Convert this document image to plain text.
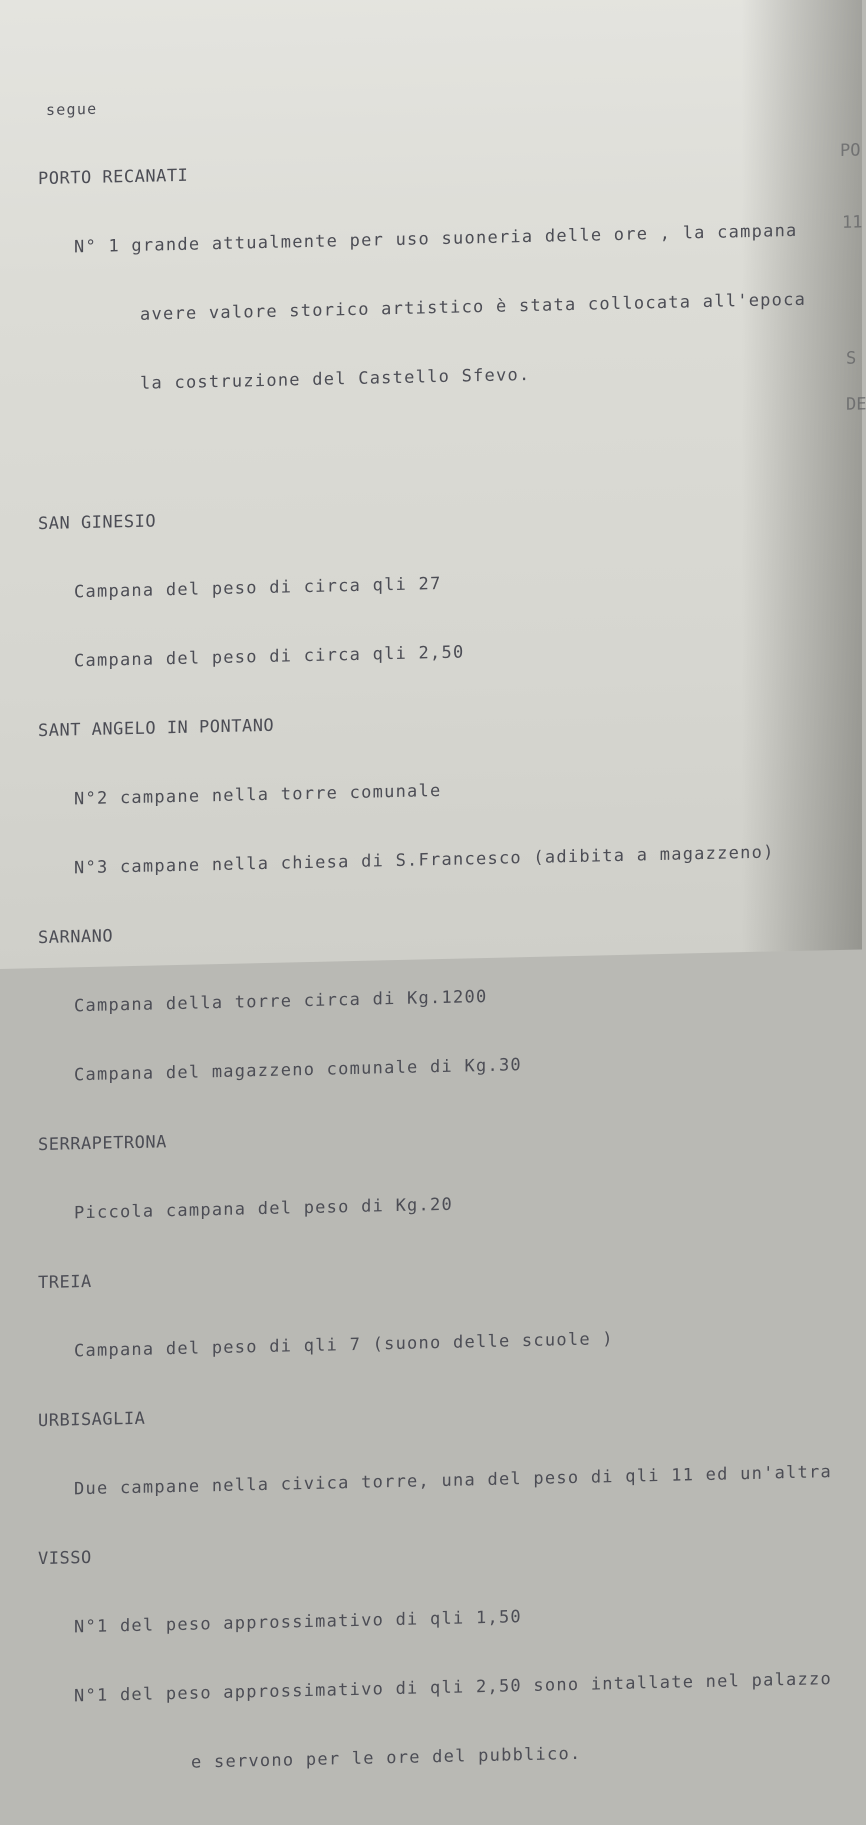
segue

PORTO RECANATI

N° 1 grande attualmente per uso suoneria delle ore , la campana

avere valore storico artistico è stata collocata all'epoca

la costruzione del Castello Sfevo.

SAN GINESIO

Campana del peso di circa qli 27

Campana del peso di circa qli 2,50

SANT ANGELO IN PONTANO

N°2 campane nella torre comunale

N°3 campane nella chiesa di S.Francesco (adibita a magazzeno)

SARNANO

Campana della torre circa di Kg.1200

Campana del magazzeno comunale di Kg.30

SERRAPETRONA

Piccola campana del peso di Kg.20

TREIA

Campana del peso di qli 7 (suono delle scuole )

URBISAGLIA

Due campane nella civica torre, una del peso di qli 11 ed un'altra

VISSO

N°1 del peso approssimativo di qli 1,50

N°1 del peso approssimativo di qli 2,50 sono intallate nel palazzo

e servono per le ore del pubblico.

PO
11
S
DE
